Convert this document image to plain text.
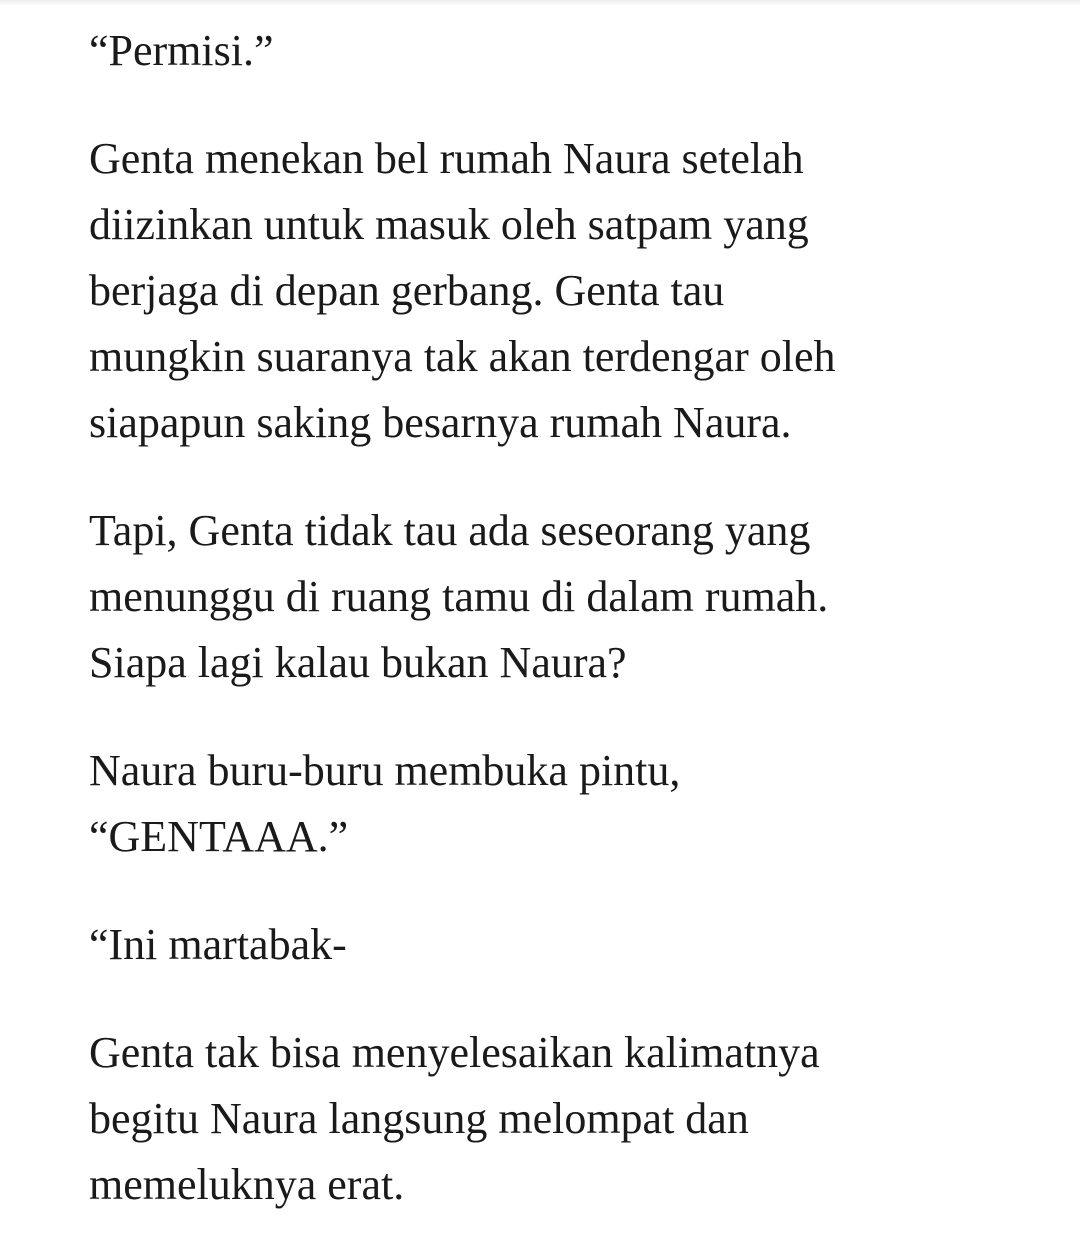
“Permisi.”

Genta menekan bel rumah Naura setelah
diizinkan untuk masuk oleh satpam yang
berjaga di depan gerbang. Genta tau
mungkin suaranya tak akan terdengar oleh
siapapun saking besarnya rumah Naura.

Tapi, Genta tidak tau ada seseorang yang
menunggu di ruang tamu di dalam rumah.
Siapa lagi kalau bukan Naura?

Naura buru-buru membuka pintu,
“GENTAAA.”

“Ini martabak-

Genta tak bisa menyelesaikan kalimatnya
begitu Naura langsung melompat dan
memeluknya erat.
